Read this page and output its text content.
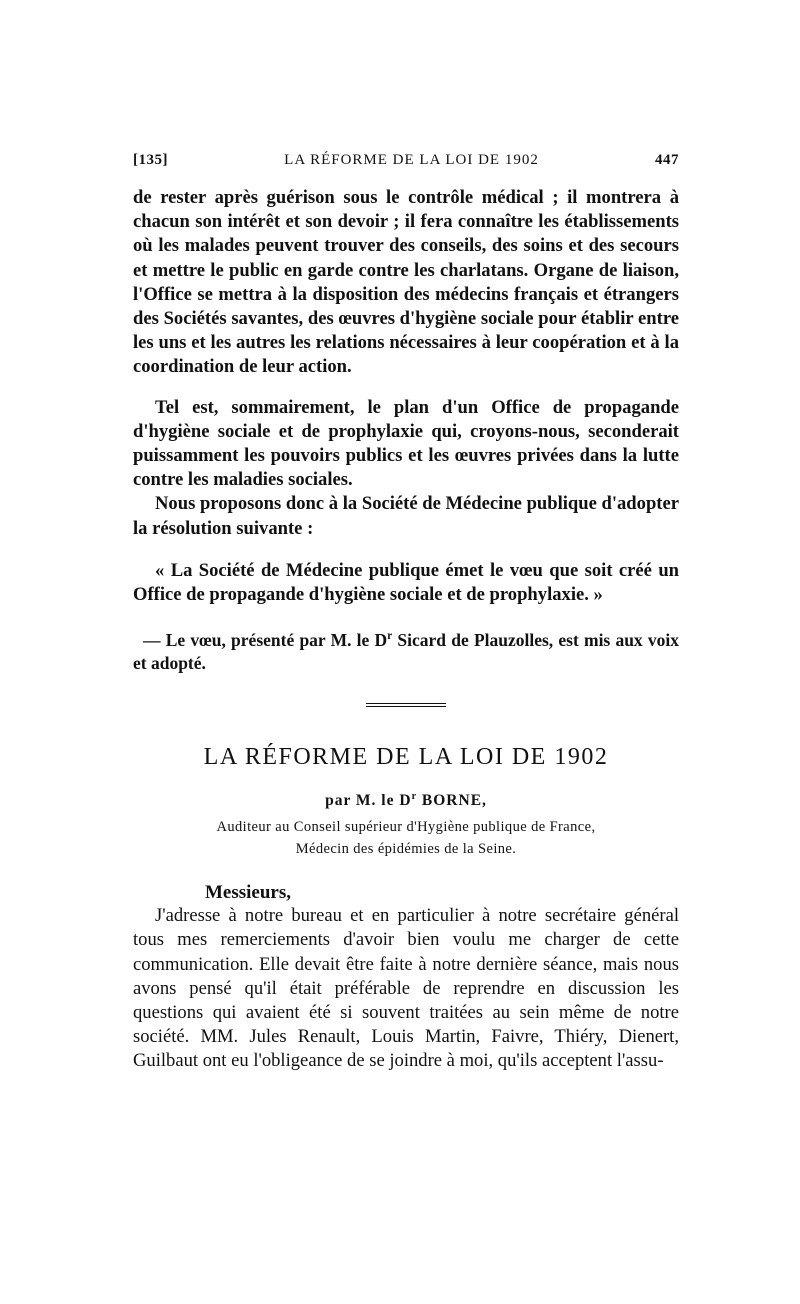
[135]	LA RÉFORME DE LA LOI DE 1902	447

de rester après guérison sous le contrôle médical ; il montrera à chacun son intérêt et son devoir ; il fera connaître les établissements où les malades peuvent trouver des conseils, des soins et des secours et mettre le public en garde contre les charlatans. Organe de liaison, l'Office se mettra à la disposition des médecins français et étrangers des Sociétés savantes, des œuvres d'hygiène sociale pour établir entre les uns et les autres les relations nécessaires à leur coopération et à la coordination de leur action.

Tel est, sommairement, le plan d'un Office de propagande d'hygiène sociale et de prophylaxie qui, croyons-nous, seconderait puissamment les pouvoirs publics et les œuvres privées dans la lutte contre les maladies sociales.

Nous proposons donc à la Société de Médecine publique d'adopter la résolution suivante :

« La Société de Médecine publique émet le vœu que soit créé un Office de propagande d'hygiène sociale et de prophylaxie. »

— Le vœu, présenté par M. le $D^r$ Sicard de Plauzolles, est mis aux voix et adopté.

LA RÉFORME DE LA LOI DE 1902
par M. le $D^r$ BORNE,
Auditeur au Conseil supérieur d'Hygiène publique de France,
Médecin des épidémies de la Seine.
Messieurs,

J'adresse à notre bureau et en particulier à notre secrétaire général tous mes remerciements d'avoir bien voulu me charger de cette communication. Elle devait être faite à notre dernière séance, mais nous avons pensé qu'il était préférable de reprendre en discussion les questions qui avaient été si souvent traitées au sein même de notre société. MM. Jules Renault, Louis Martin, Faivre, Thiéry, Dienert, Guilbaut ont eu l'obligeance de se joindre à moi, qu'ils acceptent l'assu-
